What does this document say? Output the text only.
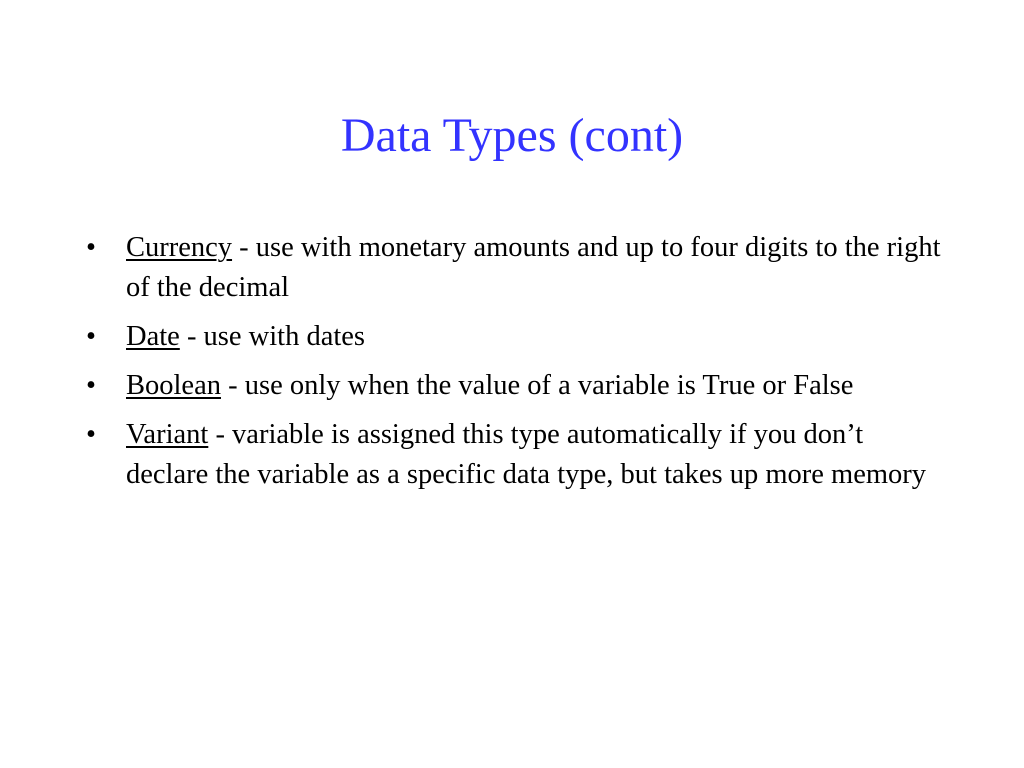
Data Types (cont)
• Currency - use with monetary amounts and up to four digits to the right of the decimal
• Date - use with dates
• Boolean - use only when the value of a variable is True or False
• Variant - variable is assigned this type automatically if you don’t declare the variable as a specific data type, but takes up more memory
